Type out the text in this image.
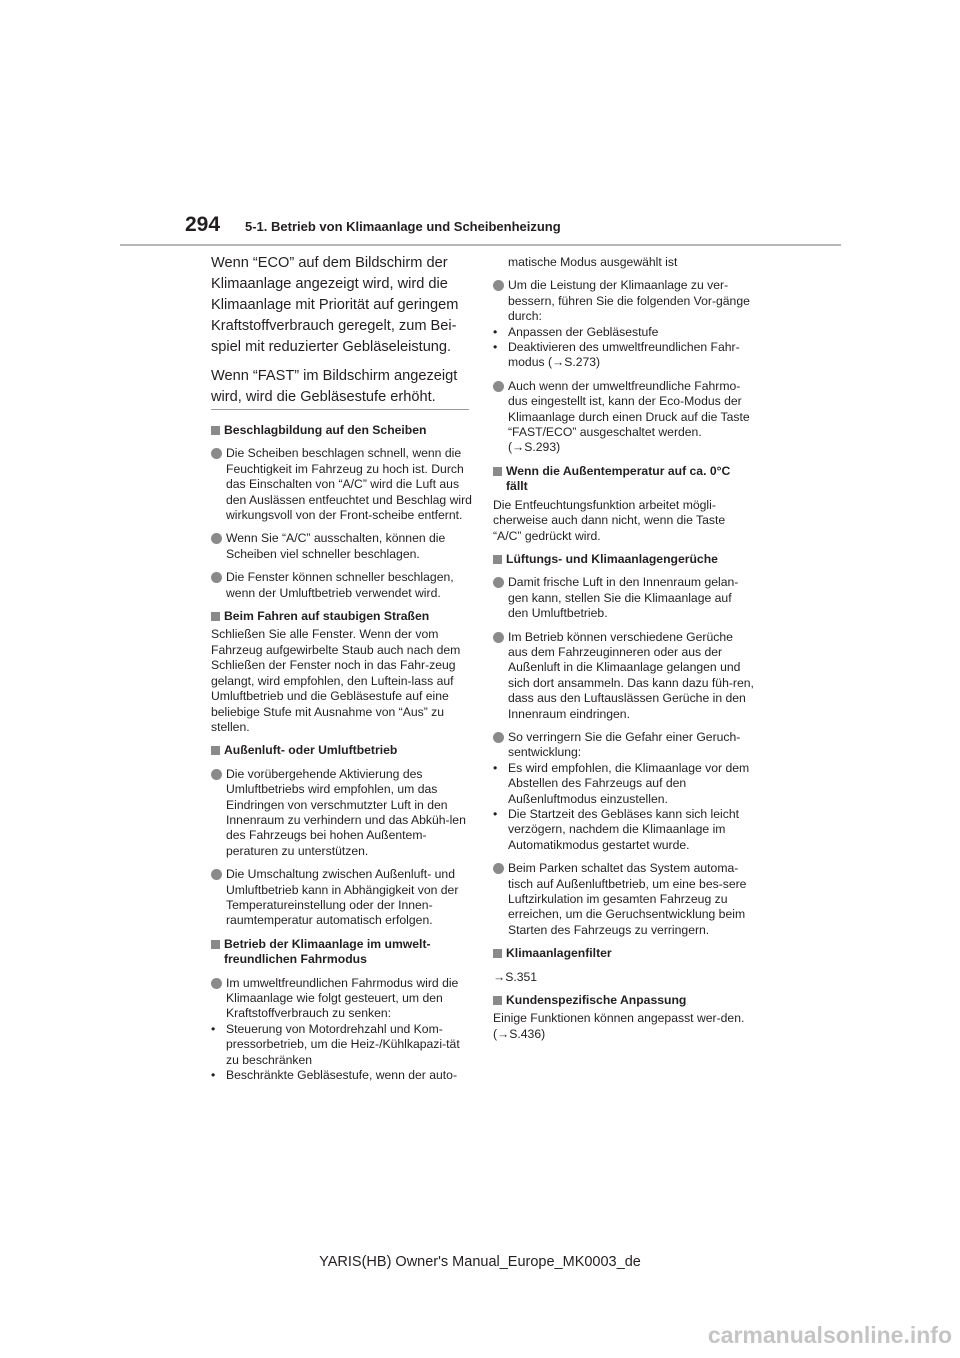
294 5-1. Betrieb von Klimaanlage und Scheibenheizung

Wenn “ECO” auf dem Bildschirm der Klimaanlage angezeigt wird, wird die Klimaanlage mit Priorität auf geringem Kraftstoffverbrauch geregelt, zum Bei-spiel mit reduzierter Gebläseleistung.

Wenn “FAST” im Bildschirm angezeigt wird, wird die Gebläsestufe erhöht.

Beschlagbildung auf den Scheiben
Die Scheiben beschlagen schnell, wenn die Feuchtigkeit im Fahrzeug zu hoch ist. Durch das Einschalten von “A/C” wird die Luft aus den Auslässen entfeuchtet und Beschlag wird wirkungsvoll von der Front-scheibe entfernt.
Wenn Sie “A/C” ausschalten, können die Scheiben viel schneller beschlagen.
Die Fenster können schneller beschlagen, wenn der Umluftbetrieb verwendet wird.
Beim Fahren auf staubigen Straßen
Schließen Sie alle Fenster. Wenn der vom Fahrzeug aufgewirbelte Staub auch nach dem Schließen der Fenster noch in das Fahr-zeug gelangt, wird empfohlen, den Luftein-lass auf Umluftbetrieb und die Gebläsestufe auf eine beliebige Stufe mit Ausnahme von “Aus” zu stellen.
Außenluft- oder Umluftbetrieb
Die vorübergehende Aktivierung des Umluftbetriebs wird empfohlen, um das Eindringen von verschmutzter Luft in den Innenraum zu verhindern und das Abküh-len des Fahrzeugs bei hohen Außentem-peraturen zu unterstützen.
Die Umschaltung zwischen Außenluft- und Umluftbetrieb kann in Abhängigkeit von der Temperatureinstellung oder der Innen-raumtemperatur automatisch erfolgen.
Betrieb der Klimaanlage im umwelt-freundlichen Fahrmodus
Im umweltfreundlichen Fahrmodus wird die Klimaanlage wie folgt gesteuert, um den Kraftstoffverbrauch zu senken:
• Steuerung von Motordrehzahl und Kom-pressorbetrieb, um die Heiz-/Kühlkapazi-tät zu beschränken
• Beschränkte Gebläsestufe, wenn der auto-
matische Modus ausgewählt ist
Um die Leistung der Klimaanlage zu ver-bessern, führen Sie die folgenden Vor-gänge durch:
• Anpassen der Gebläsestufe
• Deaktivieren des umweltfreundlichen Fahr-modus (→S.273)
Auch wenn der umweltfreundliche Fahrmo-dus eingestellt ist, kann der Eco-Modus der Klimaanlage durch einen Druck auf die Taste “FAST/ECO” ausgeschaltet werden. (→S.293)
Wenn die Außentemperatur auf ca. 0°C fällt
Die Entfeuchtungsfunktion arbeitet mögli-cherweise auch dann nicht, wenn die Taste “A/C” gedrückt wird.
Lüftungs- und Klimaanlagengerüche
Damit frische Luft in den Innenraum gelan-gen kann, stellen Sie die Klimaanlage auf den Umluftbetrieb.
Im Betrieb können verschiedene Gerüche aus dem Fahrzeuginneren oder aus der Außenluft in die Klimaanlage gelangen und sich dort ansammeln. Das kann dazu füh-ren, dass aus den Luftauslässen Gerüche in den Innenraum eindringen.
So verringern Sie die Gefahr einer Geruch-sentwicklung:
• Es wird empfohlen, die Klimaanlage vor dem Abstellen des Fahrzeugs auf den Außenluftmodus einzustellen.
• Die Startzeit des Gebläses kann sich leicht verzögern, nachdem die Klimaanlage im Automatikmodus gestartet wurde.
Beim Parken schaltet das System automa-tisch auf Außenluftbetrieb, um eine bes-sere Luftzirkulation im gesamten Fahrzeug zu erreichen, um die Geruchsentwicklung beim Starten des Fahrzeugs zu verringern.
Klimaanlagenfilter
→S.351
Kundenspezifische Anpassung
Einige Funktionen können angepasst wer-den. (→S.436)
YARIS(HB) Owner's Manual_Europe_MK0003_de
carmanualsonline.info
